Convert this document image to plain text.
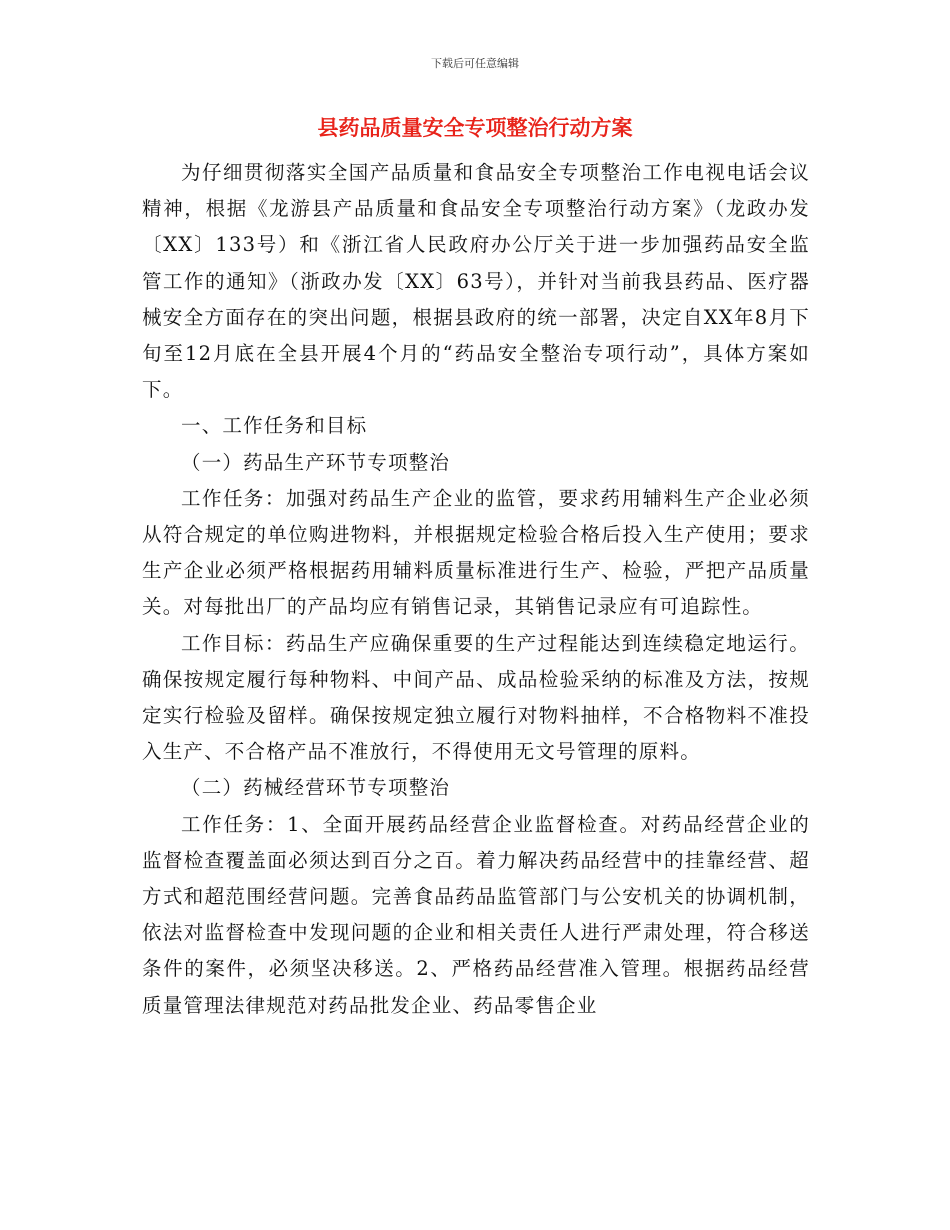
下载后可任意编辑
县药品质量安全专项整治行动方案

为仔细贯彻落实全国产品质量和食品安全专项整治工作电视电话会议精神，根据《龙游县产品质量和食品安全专项整治行动方案》（龙政办发〔XX〕133号）和《浙江省人民政府办公厅关于进一步加强药品安全监管工作的通知》（浙政办发〔XX〕63号），并针对当前我县药品、医疗器械安全方面存在的突出问题，根据县政府的统一部署，决定自XX年8月下旬至12月底在全县开展4个月的“药品安全整治专项行动”，具体方案如下。

一、工作任务和目标

（一）药品生产环节专项整治

工作任务：加强对药品生产企业的监管，要求药用辅料生产企业必须从符合规定的单位购进物料，并根据规定检验合格后投入生产使用；要求生产企业必须严格根据药用辅料质量标准进行生产、检验，严把产品质量关。对每批出厂的产品均应有销售记录，其销售记录应有可追踪性。

工作目标：药品生产应确保重要的生产过程能达到连续稳定地运行。确保按规定履行每种物料、中间产品、成品检验采纳的标准及方法，按规定实行检验及留样。确保按规定独立履行对物料抽样，不合格物料不准投入生产、不合格产品不准放行，不得使用无文号管理的原料。

（二）药械经营环节专项整治

工作任务：1、全面开展药品经营企业监督检查。对药品经营企业的监督检查覆盖面必须达到百分之百。着力解决药品经营中的挂靠经营、超方式和超范围经营问题。完善食品药品监管部门与公安机关的协调机制，依法对监督检查中发现问题的企业和相关责任人进行严肃处理，符合移送条件的案件，必须坚决移送。2、严格药品经营准入管理。根据药品经营质量管理法律规范对药品批发企业、药品零售企业
